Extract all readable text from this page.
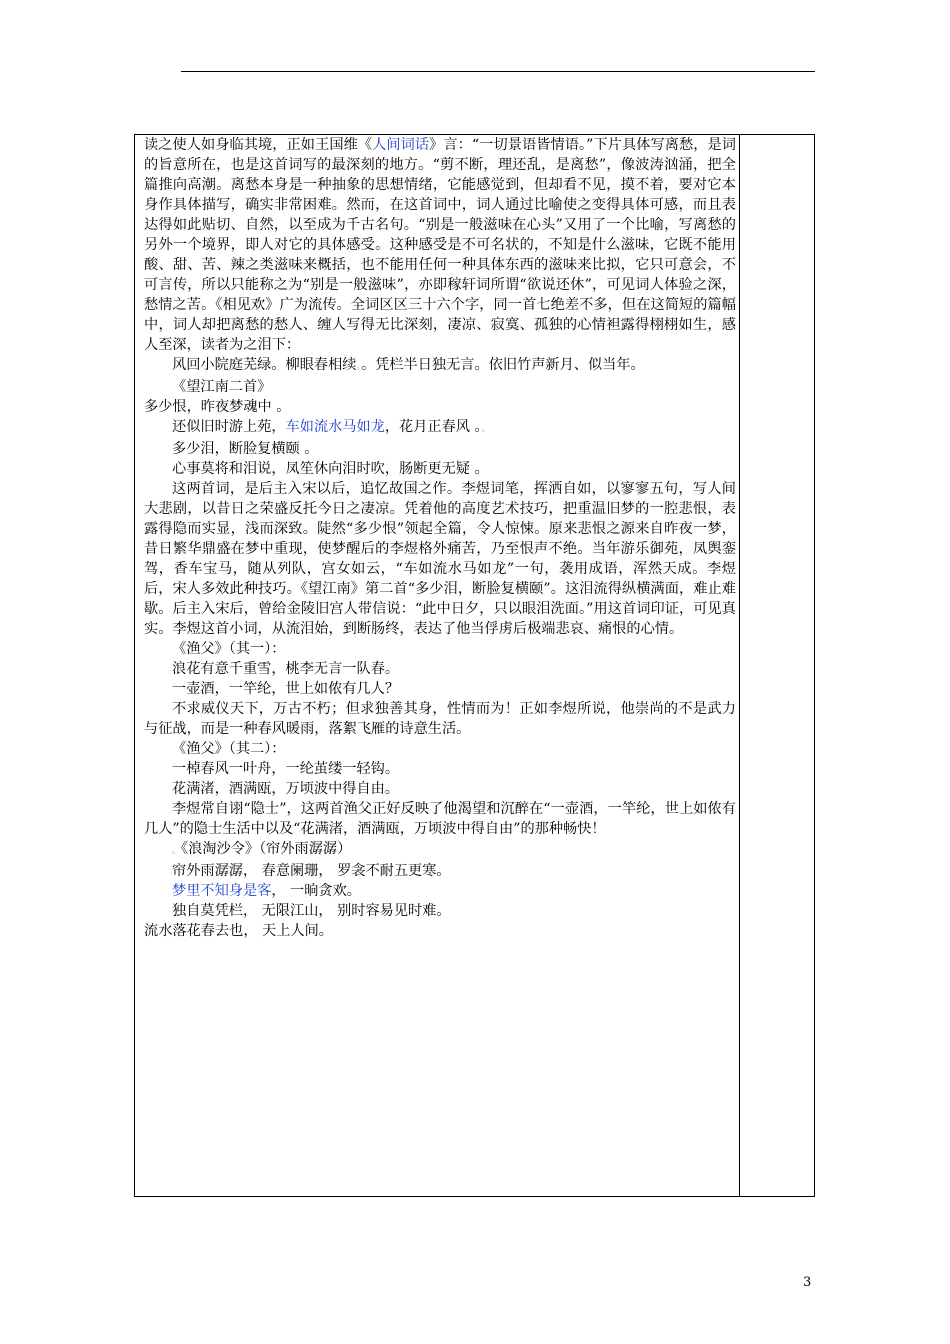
读之使人如身临其境，正如王国维《人间词话》言：“一切景语皆情语。”下片具体写离愁，是词的旨意所在，也是这首词写的最深刻的地方。“剪不断，理还乱，是离愁”，像波涛汹涌，把全篇推向高潮。离愁本身是一种抽象的思想情绪，它能感觉到，但却看不见，摸不着，要对它本身作具体描写，确实非常困难。然而，在这首词中，词人通过比喻使之变得具体可感，而且表达得如此贴切、自然，以至成为千古名句。“别是一般滋味在心头”又用了一个比喻，写离愁的另外一个境界，即人对它的具体感受。这种感受是不可名状的，不知是什么滋味，它既不能用酸、甜、苦、辣之类滋味来概括，也不能用任何一种具体东西的滋味来比拟，它只可意会，不可言传，所以只能称之为“别是一般滋味”，亦即稼轩词所谓“欲说还休”，可见词人体验之深，愁情之苦。《相见欢》广为流传。全词区区三十六个字，同一首七绝差不多，但在这简短的篇幅中，词人却把离愁的愁人、缠人写得无比深刻，凄凉、寂寞、孤独的心情袒露得栩栩如生，感人至深，读者为之泪下：

风回小院庭芜绿。柳眼春相续。。凭栏半日独无言。依旧竹声新月、似当年。

《望江南二首》

多少恨，昨夜梦魂中 。

还似旧时游上苑，车如流水马如龙，花月正春风 。。

多少泪，断脸复横颐 。

心事莫将和泪说，凤笙休向泪时吹，肠断更无疑 。

这两首词，是后主入宋以后，追忆故国之作。李煜词笔，挥洒自如，以寥寥五句，写人间大悲剧，以昔日之荣盛反托今日之凄凉。凭着他的高度艺术技巧，把重温旧梦的一腔悲恨，表露得隐而实显，浅而深致。陡然“多少恨”领起全篇，令人惊悚。原来悲恨之源来自昨夜一梦，昔日繁华鼎盛在梦中重现，使梦醒后的李煜格外痛苦，乃至恨声不绝。当年游乐御苑，凤舆銮驾，香车宝马，随从列队，宫女如云，“车如流水马如龙”一句，袭用成语，浑然天成。李煜后，宋人多效此种技巧。《望江南》第二首“多少泪，断脸复横颐”。这泪流得纵横满面，难止难歇。后主入宋后，曾给金陵旧宫人带信说：“此中日夕，只以眼泪洗面。”用这首词印证，可见真实。李煜这首小词，从流泪始，到断肠终，表达了他当俘虏后极端悲哀、痛恨的心情。

《渔父》（其一）：

浪花有意千重雪，桃李无言一队春。

一壶酒，一竿纶，世上如侬有几人？

不求威仪天下，万古不朽；但求独善其身，性情而为！正如李煜所说，他崇尚的不是武力与征战，而是一种春风暖雨，落絮飞雁的诗意生活。

《渔父》（其二）：

一棹春风一叶舟，一纶茧缕一轻钩。

花满渚，酒满瓯，万顷波中得自由。

李煜常自诩“隐士”，这两首渔父正好反映了他渴望和沉醉在“一壶酒，一竿纶，世上如侬有几人”的隐士生活中以及“花满渚，酒满瓯，万顷波中得自由”的那种畅快！

。《浪淘沙令》（帘外雨潺潺）

帘外雨潺潺， 春意阑珊， 罗衾不耐五更寒。

梦里不知身是客， 一晌贪欢。

独自莫凭栏， 无限江山， 别时容易见时难。

流水落花春去也， 天上人间。

3
